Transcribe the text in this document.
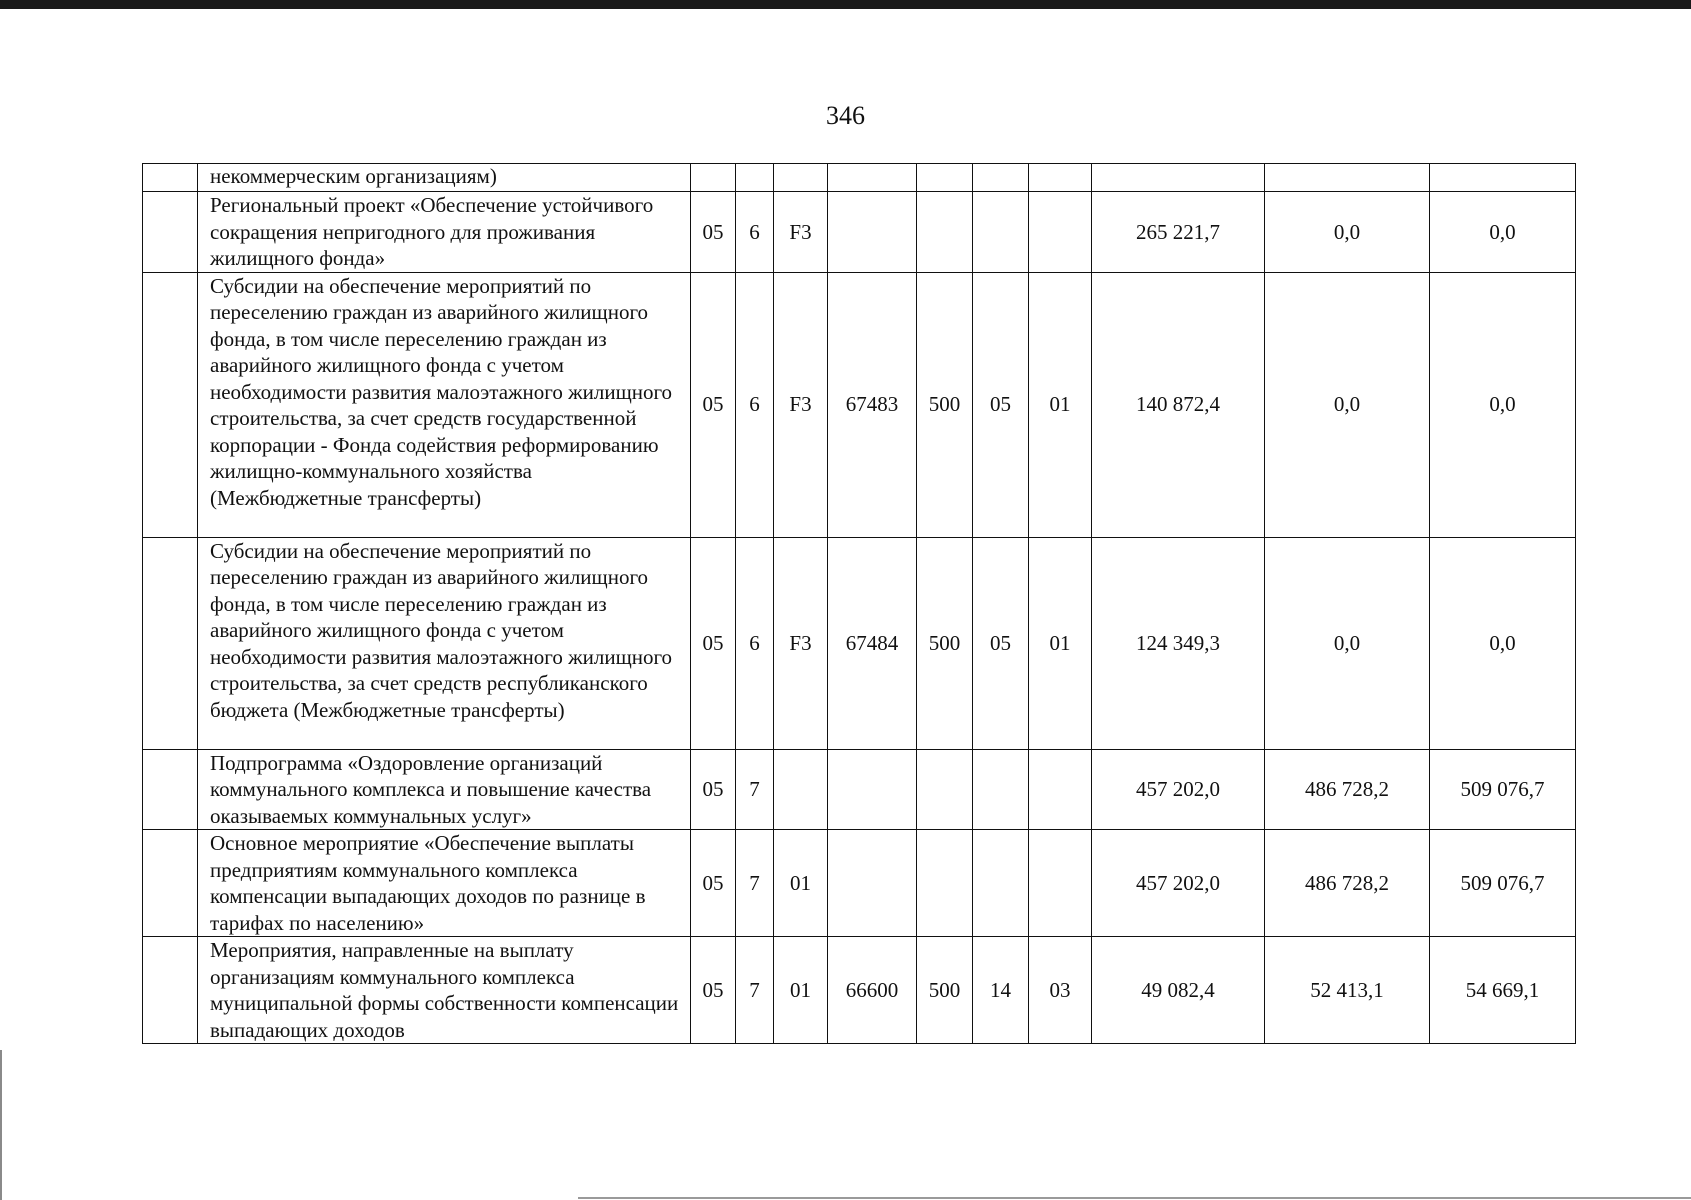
346
	некоммерческим организациям)										
	Региональный проект «Обеспечение устойчивого сокращения непригодного для проживания жилищного фонда»	05	6	F3					265 221,7	0,0	0,0
	Субсидии на обеспечение мероприятий по переселению граждан из аварийного жилищного фонда, в том числе переселению граждан из аварийного жилищного фонда с учетом необходимости развития малоэтажного жилищного строительства, за счет средств государственной корпорации - Фонда содействия реформированию жилищно-коммунального хозяйства (Межбюджетные трансферты)	05	6	F3	67483	500	05	01	140 872,4	0,0	0,0
	Субсидии на обеспечение мероприятий по переселению граждан из аварийного жилищного фонда, в том числе переселению граждан из аварийного жилищного фонда с учетом необходимости развития малоэтажного жилищного строительства, за счет средств республиканского бюджета (Межбюджетные трансферты)	05	6	F3	67484	500	05	01	124 349,3	0,0	0,0
	Подпрограмма «Оздоровление организаций коммунального комплекса и повышение качества оказываемых коммунальных услуг»	05	7						457 202,0	486 728,2	509 076,7
	Основное мероприятие «Обеспечение выплаты предприятиям коммунального комплекса компенсации выпадающих доходов по разнице в тарифах по населению»	05	7	01					457 202,0	486 728,2	509 076,7
	Мероприятия, направленные на выплату организациям коммунального комплекса муниципальной формы собственности компенсации выпадающих доходов	05	7	01	66600	500	14	03	49 082,4	52 413,1	54 669,1
